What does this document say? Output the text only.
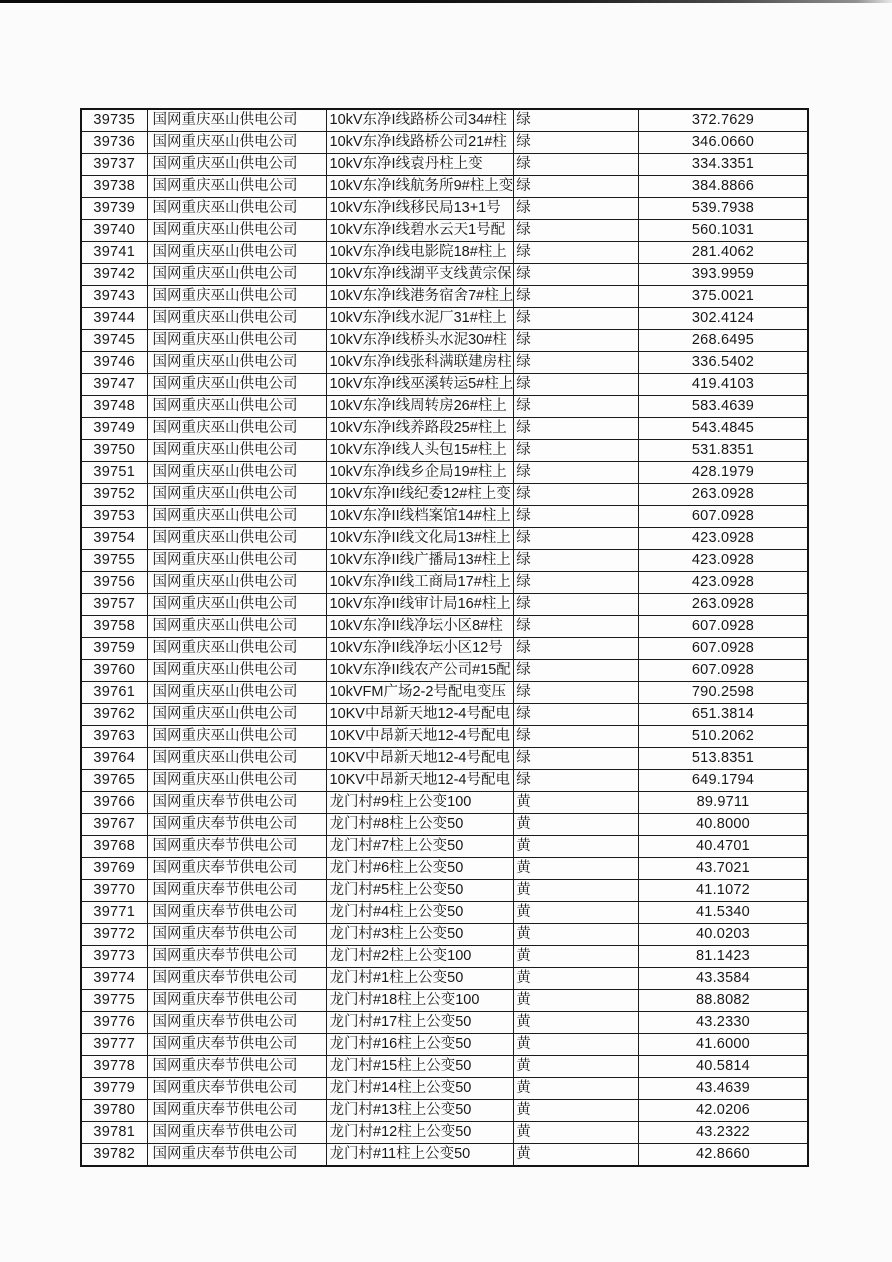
39735	国网重庆巫山供电公司	10kV东净I线路桥公司34#柱	绿	372.7629
39736	国网重庆巫山供电公司	10kV东净I线路桥公司21#柱	绿	346.0660
39737	国网重庆巫山供电公司	10kV东净I线袁丹柱上变	绿	334.3351
39738	国网重庆巫山供电公司	10kV东净I线航务所9#柱上变	绿	384.8866
39739	国网重庆巫山供电公司	10kV东净I线移民局13+1号	绿	539.7938
39740	国网重庆巫山供电公司	10kV东净I线碧水云天1号配	绿	560.1031
39741	国网重庆巫山供电公司	10kV东净I线电影院18#柱上	绿	281.4062
39742	国网重庆巫山供电公司	10kV东净I线湖平支线黄宗保	绿	393.9959
39743	国网重庆巫山供电公司	10kV东净I线港务宿舍7#柱上	绿	375.0021
39744	国网重庆巫山供电公司	10kV东净I线水泥厂31#柱上	绿	302.4124
39745	国网重庆巫山供电公司	10kV东净I线桥头水泥30#柱	绿	268.6495
39746	国网重庆巫山供电公司	10kV东净I线张科满联建房柱	绿	336.5402
39747	国网重庆巫山供电公司	10kV东净I线巫溪转运5#柱上	绿	419.4103
39748	国网重庆巫山供电公司	10kV东净I线周转房26#柱上	绿	583.4639
39749	国网重庆巫山供电公司	10kV东净I线养路段25#柱上	绿	543.4845
39750	国网重庆巫山供电公司	10kV东净I线人头包15#柱上	绿	531.8351
39751	国网重庆巫山供电公司	10kV东净I线乡企局19#柱上	绿	428.1979
39752	国网重庆巫山供电公司	10kV东净II线纪委12#柱上变	绿	263.0928
39753	国网重庆巫山供电公司	10kV东净II线档案馆14#柱上	绿	607.0928
39754	国网重庆巫山供电公司	10kV东净II线文化局13#柱上	绿	423.0928
39755	国网重庆巫山供电公司	10kV东净II线广播局13#柱上	绿	423.0928
39756	国网重庆巫山供电公司	10kV东净II线工商局17#柱上	绿	423.0928
39757	国网重庆巫山供电公司	10kV东净II线审计局16#柱上	绿	263.0928
39758	国网重庆巫山供电公司	10kV东净II线净坛小区8#柱	绿	607.0928
39759	国网重庆巫山供电公司	10kV东净II线净坛小区12号	绿	607.0928
39760	国网重庆巫山供电公司	10kV东净II线农产公司#15配	绿	607.0928
39761	国网重庆巫山供电公司	10kVFM广场2-2号配电变压	绿	790.2598
39762	国网重庆巫山供电公司	10KV中昂新天地12-4号配电	绿	651.3814
39763	国网重庆巫山供电公司	10KV中昂新天地12-4号配电	绿	510.2062
39764	国网重庆巫山供电公司	10KV中昂新天地12-4号配电	绿	513.8351
39765	国网重庆巫山供电公司	10KV中昂新天地12-4号配电	绿	649.1794
39766	国网重庆奉节供电公司	龙门村#9柱上公变100	黄	89.9711
39767	国网重庆奉节供电公司	龙门村#8柱上公变50	黄	40.8000
39768	国网重庆奉节供电公司	龙门村#7柱上公变50	黄	40.4701
39769	国网重庆奉节供电公司	龙门村#6柱上公变50	黄	43.7021
39770	国网重庆奉节供电公司	龙门村#5柱上公变50	黄	41.1072
39771	国网重庆奉节供电公司	龙门村#4柱上公变50	黄	41.5340
39772	国网重庆奉节供电公司	龙门村#3柱上公变50	黄	40.0203
39773	国网重庆奉节供电公司	龙门村#2柱上公变100	黄	81.1423
39774	国网重庆奉节供电公司	龙门村#1柱上公变50	黄	43.3584
39775	国网重庆奉节供电公司	龙门村#18柱上公变100	黄	88.8082
39776	国网重庆奉节供电公司	龙门村#17柱上公变50	黄	43.2330
39777	国网重庆奉节供电公司	龙门村#16柱上公变50	黄	41.6000
39778	国网重庆奉节供电公司	龙门村#15柱上公变50	黄	40.5814
39779	国网重庆奉节供电公司	龙门村#14柱上公变50	黄	43.4639
39780	国网重庆奉节供电公司	龙门村#13柱上公变50	黄	42.0206
39781	国网重庆奉节供电公司	龙门村#12柱上公变50	黄	43.2322
39782	国网重庆奉节供电公司	龙门村#11柱上公变50	黄	42.8660
